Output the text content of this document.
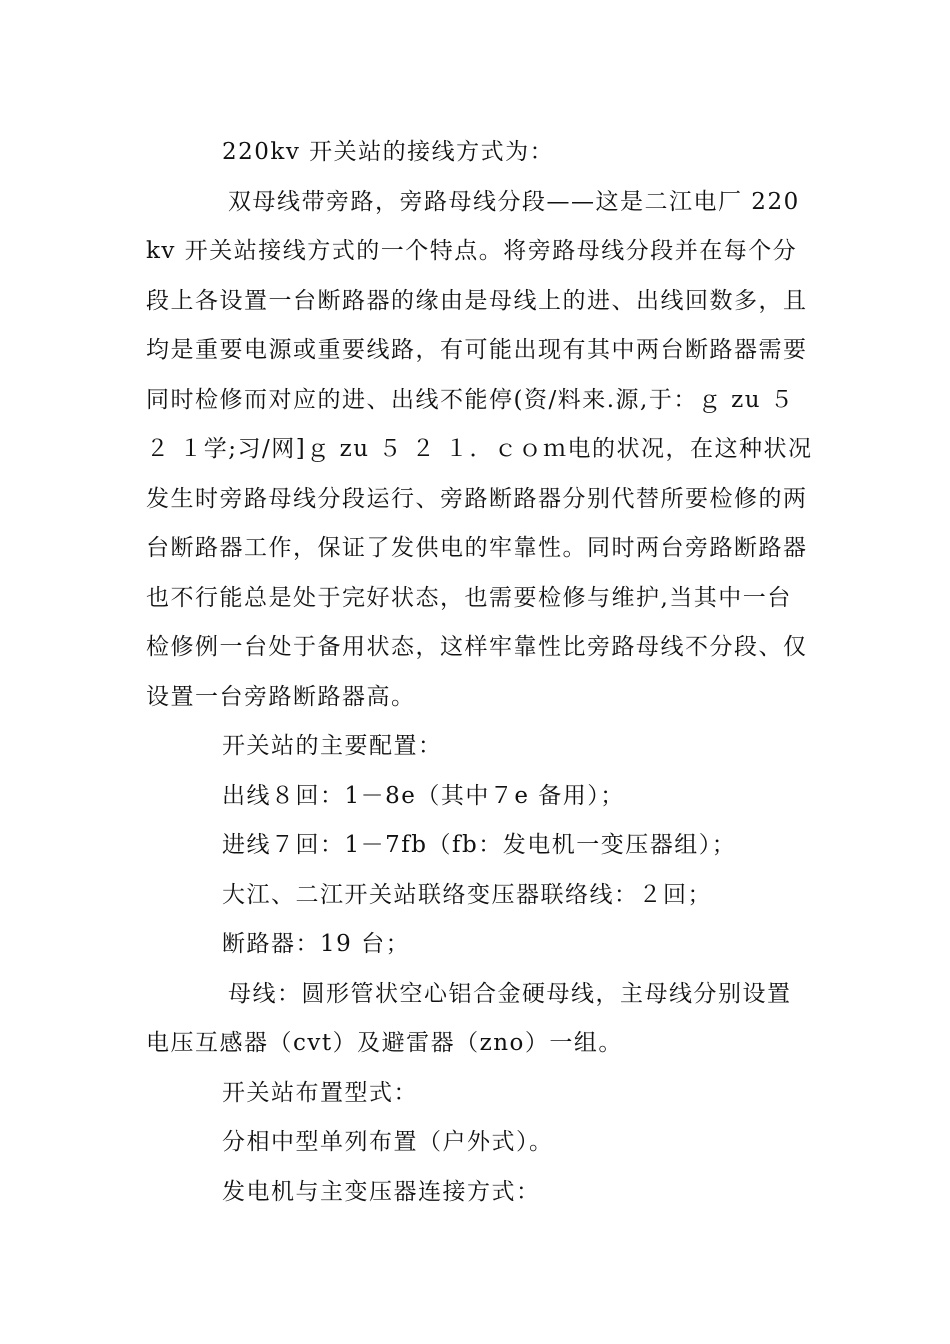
220kv 开关站的接线方式为：

双母线带旁路，旁路母线分段——这是二江电厂 220kv 开关站接线方式的一个特点。将旁路母线分段并在每个分段上各设置一台断路器的缘由是母线上的进、出线回数多，且均是重要电源或重要线路，有可能出现有其中两台断路器需要同时检修而对应的进、出线不能停(资/料来.源,于：ｇ zu ５ ２ １学;习/网]ｇ zu ５ ２ １．ｃｏｍ电的状况，在这种状况发生时旁路母线分段运行、旁路断路器分别代替所要检修的两台断路器工作，保证了发供电的牢靠性。同时两台旁路断路器也不行能总是处于完好状态，也需要检修与维护,当其中一台检修例一台处于备用状态，这样牢靠性比旁路母线不分段、仅设置一台旁路断路器高。

开关站的主要配置：

出线８回：1－8e（其中７e 备用）；

进线７回：1－7fb（fb：发电机一变压器组）；

大江、二江开关站联络变压器联络线：２回；

断路器：19 台；

母线：圆形管状空心铝合金硬母线，主母线分别设置电压互感器（cvt）及避雷器（zno）一组。

开关站布置型式：

分相中型单列布置（户外式）。

发电机与主变压器连接方式：
